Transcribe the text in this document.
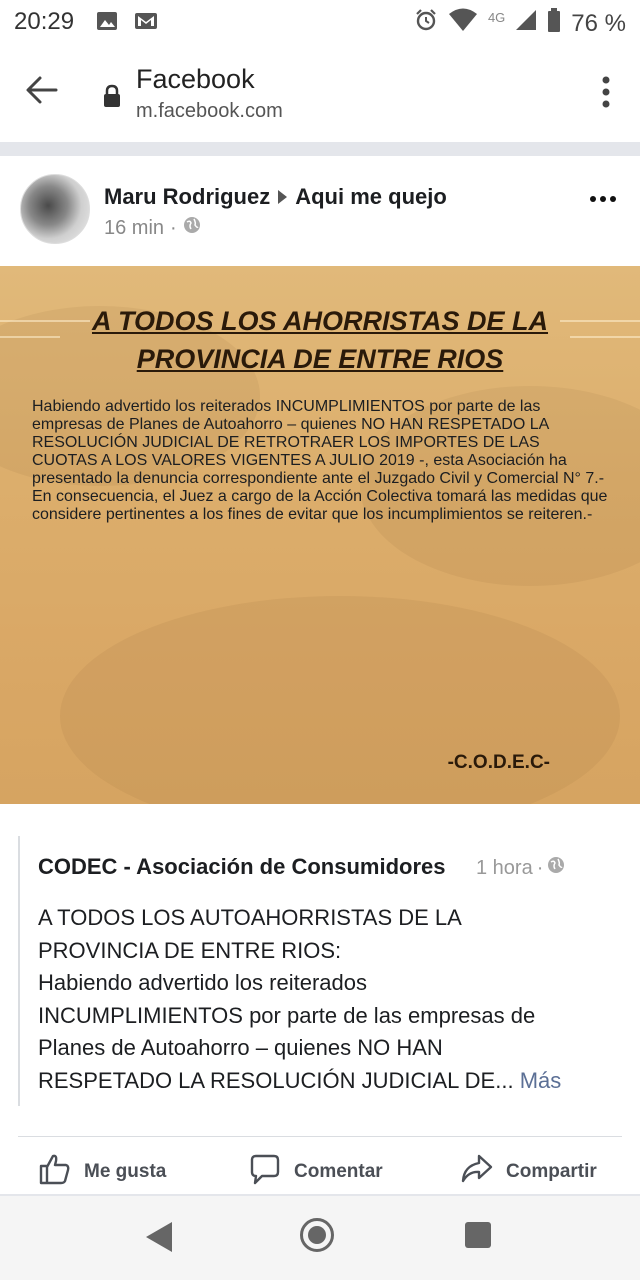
20:29	4G	76 %
Facebook
m.facebook.com
Maru Rodriguez Aqui me quejo
16 min ·
A TODOS LOS AHORRISTAS DE LA
PROVINCIA DE ENTRE RIOS
Habiendo advertido los reiterados INCUMPLIMIENTOS por parte de las empresas de Planes de Autoahorro – quienes NO HAN RESPETADO LA RESOLUCIÓN JUDICIAL DE RETROTRAER LOS IMPORTES DE LAS CUOTAS A LOS VALORES VIGENTES A JULIO 2019 -, esta Asociación ha presentado la denuncia correspondiente ante el Juzgado Civil y Comercial N° 7.- En consecuencia, el Juez a cargo de la Acción Colectiva tomará las medidas que considere pertinentes a los fines de evitar que los incumplimientos se reiteren.-
-C.O.D.E.C-
CODEC - Asociación de Consumidores 1 hora ·

A TODOS LOS AUTOAHORRISTAS DE LA

PROVINCIA DE ENTRE RIOS:

Habiendo advertido los reiterados

INCUMPLIMIENTOS por parte de las empresas de

Planes de Autoahorro – quienes NO HAN

RESPETADO LA RESOLUCIÓN JUDICIAL DE... Más

Me gusta	Comentar	Compartir
